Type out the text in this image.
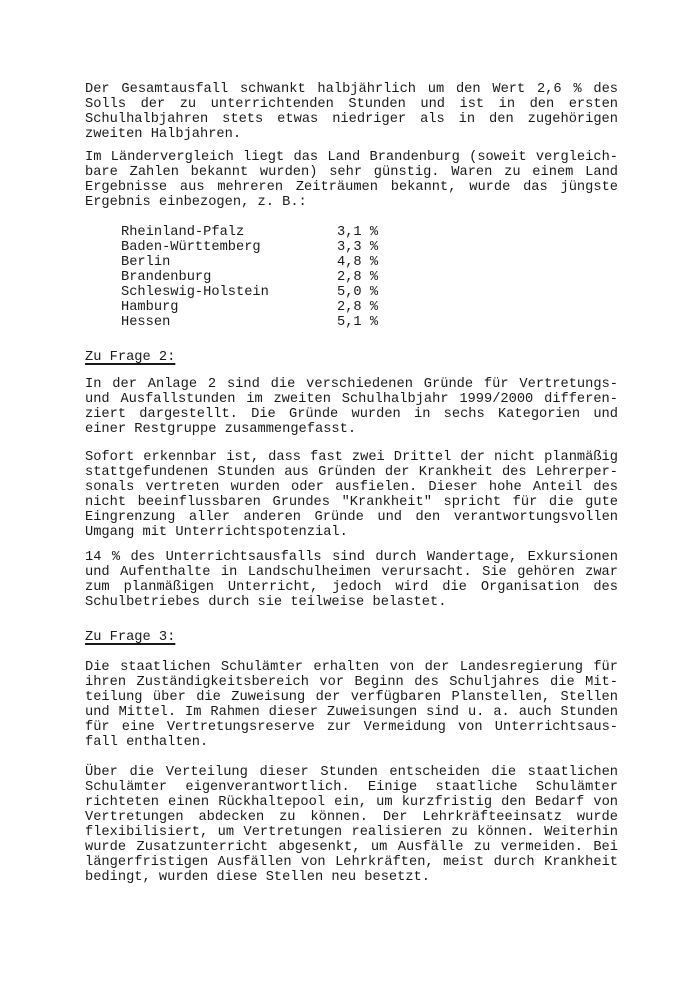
Der Gesamtausfall schwankt halbjährlich um den Wert 2,6 % des
Solls der zu unterrichtenden Stunden und ist in den ersten
Schulhalbjahren stets etwas niedriger als in den zugehörigen
zweiten Halbjahren.
Im Ländervergleich liegt das Land Brandenburg (soweit vergleich-
bare Zahlen bekannt wurden) sehr günstig. Waren zu einem Land
Ergebnisse aus mehreren Zeiträumen bekannt, wurde das jüngste
Ergebnis einbezogen, z. B.:
Rheinland-Pfalz	3,1 %
Baden-Württemberg	3,3 %
Berlin	4,8 %
Brandenburg	2,8 %
Schleswig-Holstein	5,0 %
Hamburg	2,8 %
Hessen	5,1 %
Zu Frage 2:
In der Anlage 2 sind die verschiedenen Gründe für Vertretungs-
und Ausfallstunden im zweiten Schulhalbjahr 1999/2000 differen-
ziert dargestellt. Die Gründe wurden in sechs Kategorien und
einer Restgruppe zusammengefasst.
Sofort erkennbar ist, dass fast zwei Drittel der nicht planmäßig
stattgefundenen Stunden aus Gründen der Krankheit des Lehrerper-
sonals vertreten wurden oder ausfielen. Dieser hohe Anteil des
nicht beeinflussbaren Grundes "Krankheit" spricht für die gute
Eingrenzung aller anderen Gründe und den verantwortungsvollen
Umgang mit Unterrichtspotenzial.
14 % des Unterrichtsausfalls sind durch Wandertage, Exkursionen
und Aufenthalte in Landschulheimen verursacht. Sie gehören zwar
zum planmäßigen Unterricht, jedoch wird die Organisation des
Schulbetriebes durch sie teilweise belastet.
Zu Frage 3:
Die staatlichen Schulämter erhalten von der Landesregierung für
ihren Zuständigkeitsbereich vor Beginn des Schuljahres die Mit-
teilung über die Zuweisung der verfügbaren Planstellen, Stellen
und Mittel. Im Rahmen dieser Zuweisungen sind u. a. auch Stunden
für eine Vertretungsreserve zur Vermeidung von Unterrichtsaus-
fall enthalten.
Über die Verteilung dieser Stunden entscheiden die staatlichen
Schulämter eigenverantwortlich. Einige staatliche Schulämter
richteten einen Rückhaltepool ein, um kurzfristig den Bedarf von
Vertretungen abdecken zu können. Der Lehrkräfteeinsatz wurde
flexibilisiert, um Vertretungen realisieren zu können. Weiterhin
wurde Zusatzunterricht abgesenkt, um Ausfälle zu vermeiden. Bei
längerfristigen Ausfällen von Lehrkräften, meist durch Krankheit
bedingt, wurden diese Stellen neu besetzt.
